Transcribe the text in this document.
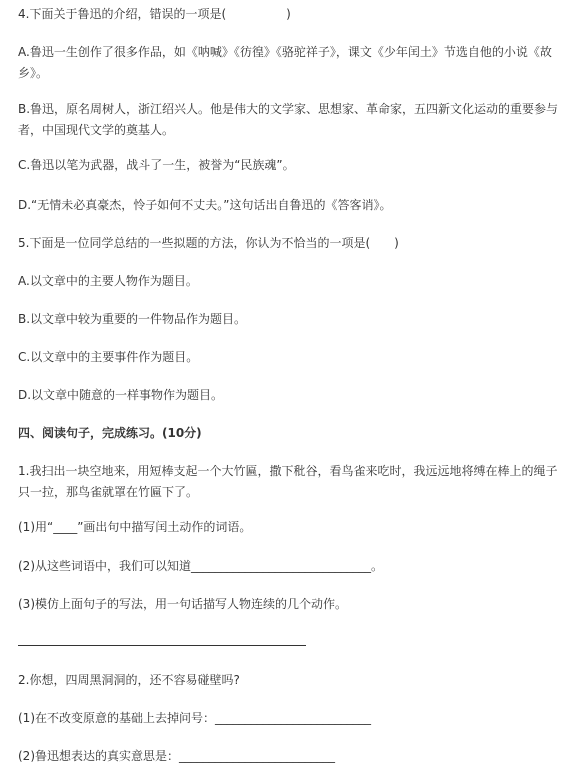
4.下面关于鲁迅的介绍，错误的一项是(　　　　　)
A.鲁迅一生创作了很多作品，如《呐喊》《彷徨》《骆驼祥子》，课文《少年闰土》节选自他的小说《故乡》。
B.鲁迅，原名周树人，浙江绍兴人。他是伟大的文学家、思想家、革命家，五四新文化运动的重要参与者，中国现代文学的奠基人。
C.鲁迅以笔为武器，战斗了一生，被誉为“民族魂”。
D.“无情未必真豪杰，怜子如何不丈夫。”这句话出自鲁迅的《答客诮》。
5.下面是一位同学总结的一些拟题的方法，你认为不恰当的一项是(　　)
A.以文章中的主要人物作为题目。
B.以文章中较为重要的一件物品作为题目。
C.以文章中的主要事件作为题目。
D.以文章中随意的一样事物作为题目。
四、阅读句子，完成练习。(10分)
1.我扫出一块空地来，用短棒支起一个大竹匾，撒下秕谷，看鸟雀来吃时，我远远地将缚在棒上的绳子只一拉，那鸟雀就罩在竹匾下了。
(1)用“____”画出句中描写闰土动作的词语。
(2)从这些词语中，我们可以知道______________________________。
(3)模仿上面句子的写法，用一句话描写人物连续的几个动作。
2.你想，四周黑洞洞的，还不容易碰壁吗?
(1)在不改变原意的基础上去掉问号：__________________________
(2)鲁迅想表达的真实意思是：__________________________
